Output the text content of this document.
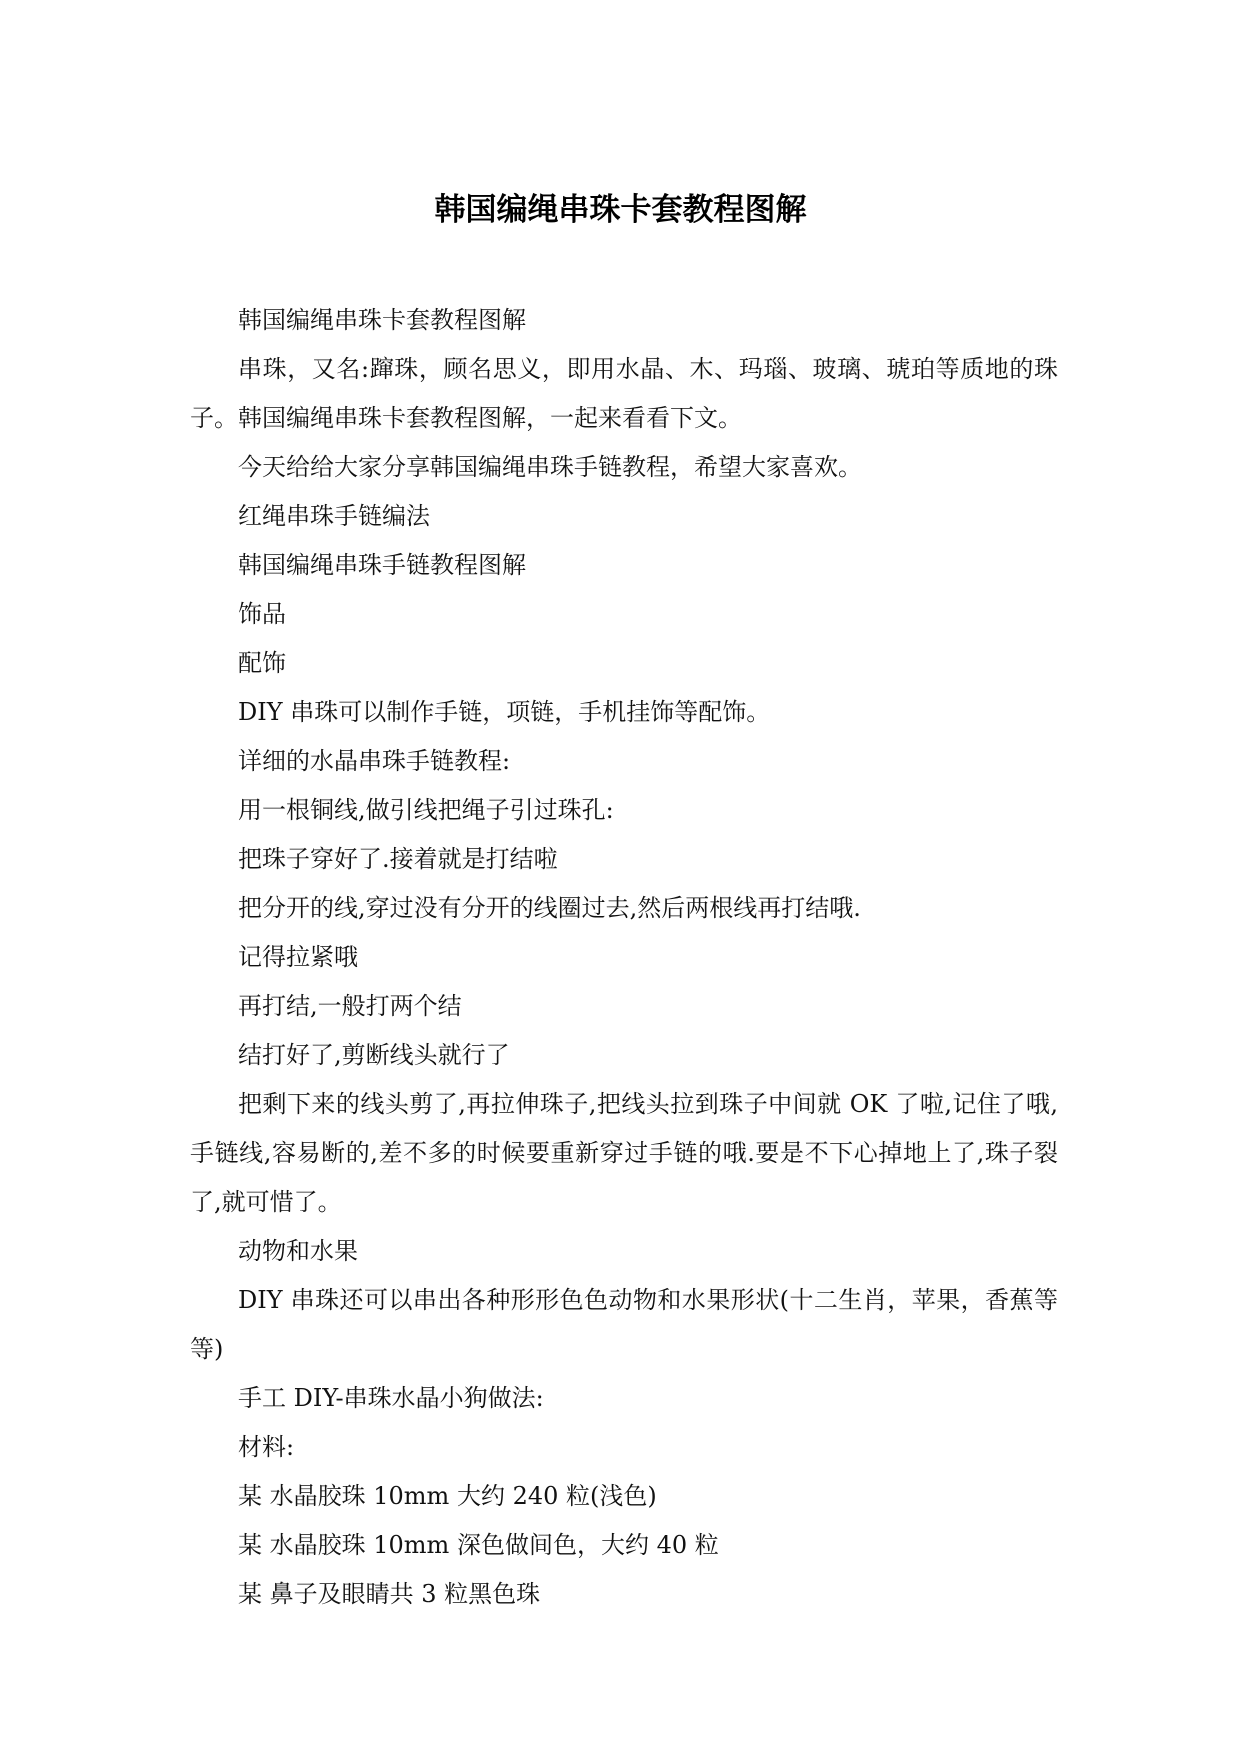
韩国编绳串珠卡套教程图解

韩国编绳串珠卡套教程图解

串珠，又名:蹿珠，顾名思义，即用水晶、木、玛瑙、玻璃、琥珀等质地的珠子。韩国编绳串珠卡套教程图解，一起来看看下文。

今天给给大家分享韩国编绳串珠手链教程，希望大家喜欢。

红绳串珠手链编法

韩国编绳串珠手链教程图解

饰品

配饰

DIY 串珠可以制作手链，项链，手机挂饰等配饰。

详细的水晶串珠手链教程:

用一根铜线,做引线把绳子引过珠孔:

把珠子穿好了.接着就是打结啦

把分开的线,穿过没有分开的线圈过去,然后两根线再打结哦.

记得拉紧哦

再打结,一般打两个结

结打好了,剪断线头就行了

把剩下来的线头剪了,再拉伸珠子,把线头拉到珠子中间就 OK 了啦,记住了哦,手链线,容易断的,差不多的时候要重新穿过手链的哦.要是不下心掉地上了,珠子裂了,就可惜了。

动物和水果

DIY 串珠还可以串出各种形形色色动物和水果形状(十二生肖，苹果，香蕉等等)

手工 DIY-串珠水晶小狗做法:

材料:

某 水晶胶珠 10mm 大约 240 粒(浅色)

某 水晶胶珠 10mm 深色做间色，大约 40 粒

某 鼻子及眼睛共 3 粒黑色珠
